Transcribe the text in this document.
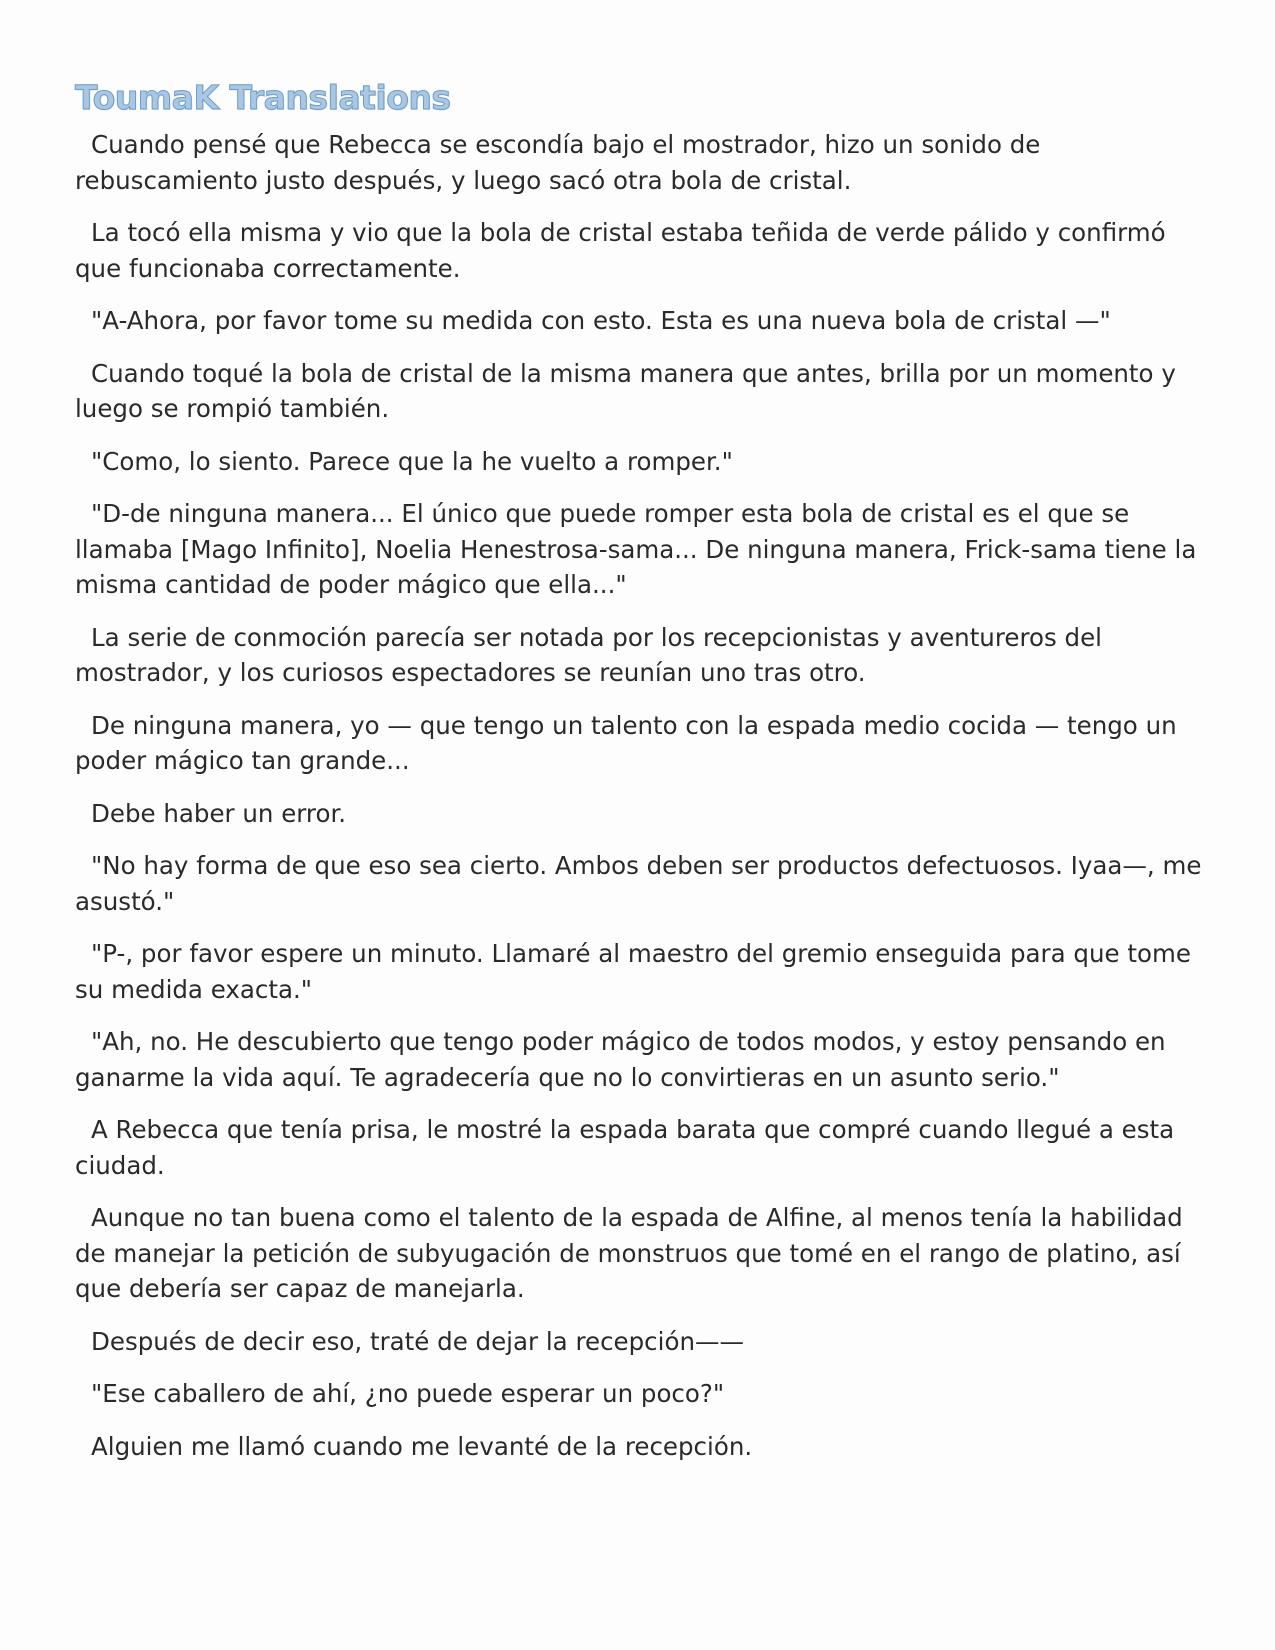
ToumaK Translations

Cuando pensé que Rebecca se escondía bajo el mostrador, hizo un sonido de rebuscamiento justo después, y luego sacó otra bola de cristal.

La tocó ella misma y vio que la bola de cristal estaba teñida de verde pálido y confirmó que funcionaba correctamente.

"A-Ahora, por favor tome su medida con esto. Esta es una nueva bola de cristal —"

Cuando toqué la bola de cristal de la misma manera que antes, brilla por un momento y luego se rompió también.

"Como, lo siento. Parece que la he vuelto a romper."

"D-de ninguna manera... El único que puede romper esta bola de cristal es el que se llamaba [Mago Infinito], Noelia Henestrosa-sama... De ninguna manera, Frick-sama tiene la misma cantidad de poder mágico que ella..."

La serie de conmoción parecía ser notada por los recepcionistas y aventureros del mostrador, y los curiosos espectadores se reunían uno tras otro.

De ninguna manera, yo — que tengo un talento con la espada medio cocida — tengo un poder mágico tan grande...

Debe haber un error.

"No hay forma de que eso sea cierto. Ambos deben ser productos defectuosos. Iyaa—, me asustó."

"P-, por favor espere un minuto. Llamaré al maestro del gremio enseguida para que tome su medida exacta."

"Ah, no. He descubierto que tengo poder mágico de todos modos, y estoy pensando en ganarme la vida aquí. Te agradecería que no lo convirtieras en un asunto serio."

A Rebecca que tenía prisa, le mostré la espada barata que compré cuando llegué a esta ciudad.

Aunque no tan buena como el talento de la espada de Alfine, al menos tenía la habilidad de manejar la petición de subyugación de monstruos que tomé en el rango de platino, así que debería ser capaz de manejarla.

Después de decir eso, traté de dejar la recepción——

"Ese caballero de ahí, ¿no puede esperar un poco?"

Alguien me llamó cuando me levanté de la recepción.
